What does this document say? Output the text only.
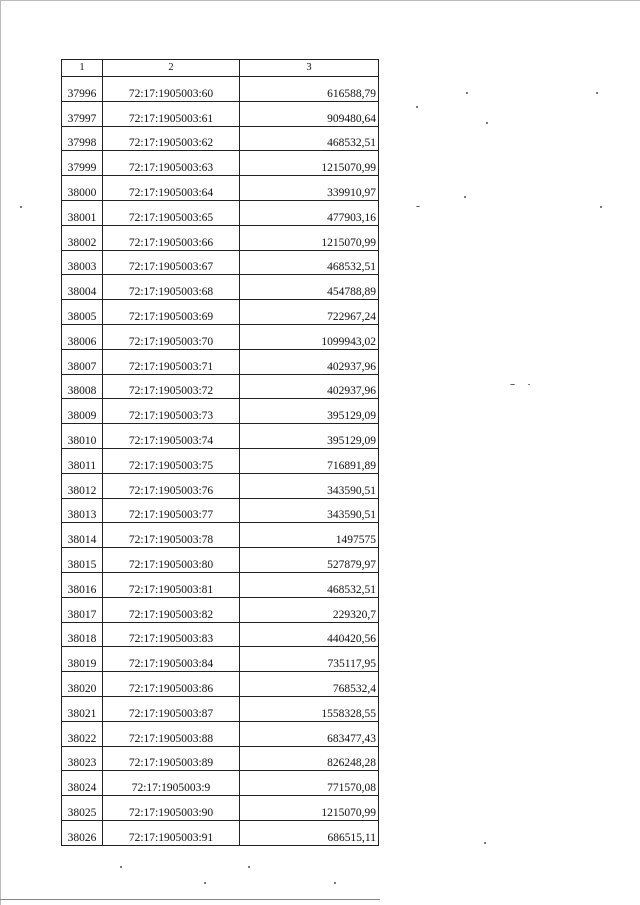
1	2	3
37996	72:17:1905003:60	616588,79
37997	72:17:1905003:61	909480,64
37998	72:17:1905003:62	468532,51
37999	72:17:1905003:63	1215070,99
38000	72:17:1905003:64	339910,97
38001	72:17:1905003:65	477903,16
38002	72:17:1905003:66	1215070,99
38003	72:17:1905003:67	468532,51
38004	72:17:1905003:68	454788,89
38005	72:17:1905003:69	722967,24
38006	72:17:1905003:70	1099943,02
38007	72:17:1905003:71	402937,96
38008	72:17:1905003:72	402937,96
38009	72:17:1905003:73	395129,09
38010	72:17:1905003:74	395129,09
38011	72:17:1905003:75	716891,89
38012	72:17:1905003:76	343590,51
38013	72:17:1905003:77	343590,51
38014	72:17:1905003:78	1497575
38015	72:17:1905003:80	527879,97
38016	72:17:1905003:81	468532,51
38017	72:17:1905003:82	229320,7
38018	72:17:1905003:83	440420,56
38019	72:17:1905003:84	735117,95
38020	72:17:1905003:86	768532,4
38021	72:17:1905003:87	1558328,55
38022	72:17:1905003:88	683477,43
38023	72:17:1905003:89	826248,28
38024	72:17:1905003:9	771570,08
38025	72:17:1905003:90	1215070,99
38026	72:17:1905003:91	686515,11
